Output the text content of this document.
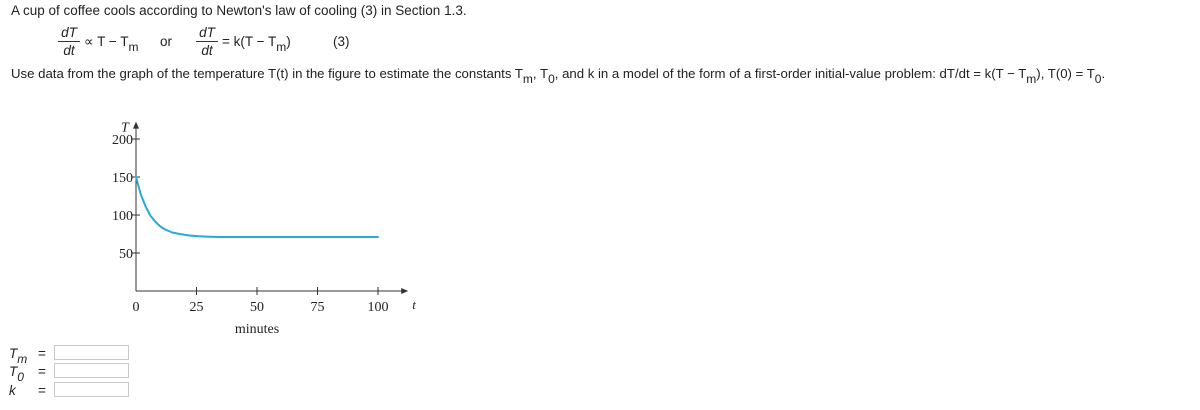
A cup of coffee cools according to Newton's law of cooling (3) in Section 1.3.
dT
dt
∝ T − Tm or
dT
dt
= k(T − Tm)	(3)
Use data from the graph of the temperature T(t) in the figure to estimate the constants Tm, T0, and k in a model of the form of a first-order initial-value problem: dT/dt = k(T − Tm), T(0) = T0.
T
t
minutes
50
100
150
200
0	25	50	75	100
Tm =
T0 =
k =
